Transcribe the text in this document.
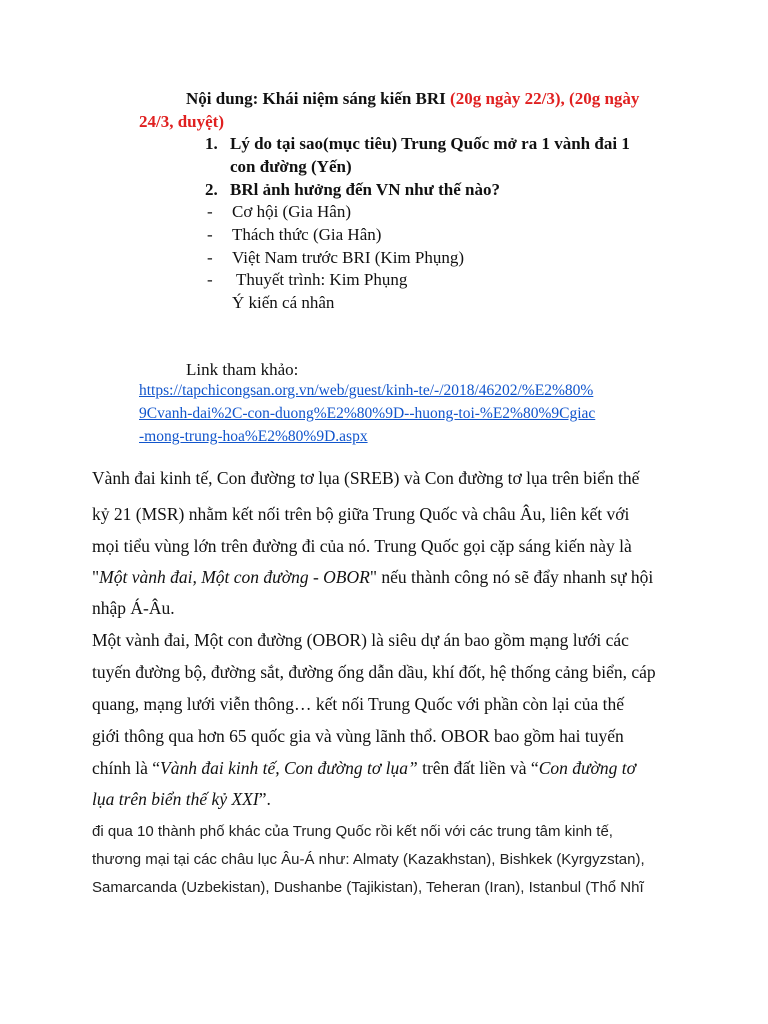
Nội dung: Khái niệm sáng kiến BRI (20g ngày 22/3), (20g ngày
24/3, duyệt)
1. Lý do tại sao(mục tiêu) Trung Quốc mở ra 1 vành đai 1
con đường (Yến)
2. BRl ảnh hưởng đến VN như thế nào?
- Cơ hội (Gia Hân)
- Thách thức (Gia Hân)
- Việt Nam trước BRI (Kim Phụng)
- Thuyết trình: Kim Phụng
Ý kiến cá nhân
Link tham khảo:
https://tapchicongsan.org.vn/web/guest/kinh-te/-/2018/46202/%E2%80%
9Cvanh-dai%2C-con-duong%E2%80%9D--huong-toi-%E2%80%9Cgiac
-mong-trung-hoa%E2%80%9D.aspx
Vành đai kinh tế, Con đường tơ lụa (SREB) và Con đường tơ lụa trên biển thế
kỷ 21 (MSR) nhằm kết nối trên bộ giữa Trung Quốc và châu Âu, liên kết với
mọi tiểu vùng lớn trên đường đi của nó. Trung Quốc gọi cặp sáng kiến này là
"Một vành đai, Một con đường - OBOR" nếu thành công nó sẽ đẩy nhanh sự hội
nhập Á-Âu.
Một vành đai, Một con đường (OBOR) là siêu dự án bao gồm mạng lưới các
tuyến đường bộ, đường sắt, đường ống dẫn dầu, khí đốt, hệ thống cảng biển, cáp
quang, mạng lưới viễn thông… kết nối Trung Quốc với phần còn lại của thế
giới thông qua hơn 65 quốc gia và vùng lãnh thổ. OBOR bao gồm hai tuyến
chính là “Vành đai kinh tế, Con đường tơ lụa” trên đất liền và “Con đường tơ
lụa trên biển thế kỷ XXI”.
đi qua 10 thành phố khác của Trung Quốc rồi kết nối với các trung tâm kinh tế,
thương mại tại các châu lục Âu-Á như: Almaty (Kazakhstan), Bishkek (Kyrgyzstan),
Samarcanda (Uzbekistan), Dushanbe (Tajikistan), Teheran (Iran), Istanbul (Thổ Nhĩ
